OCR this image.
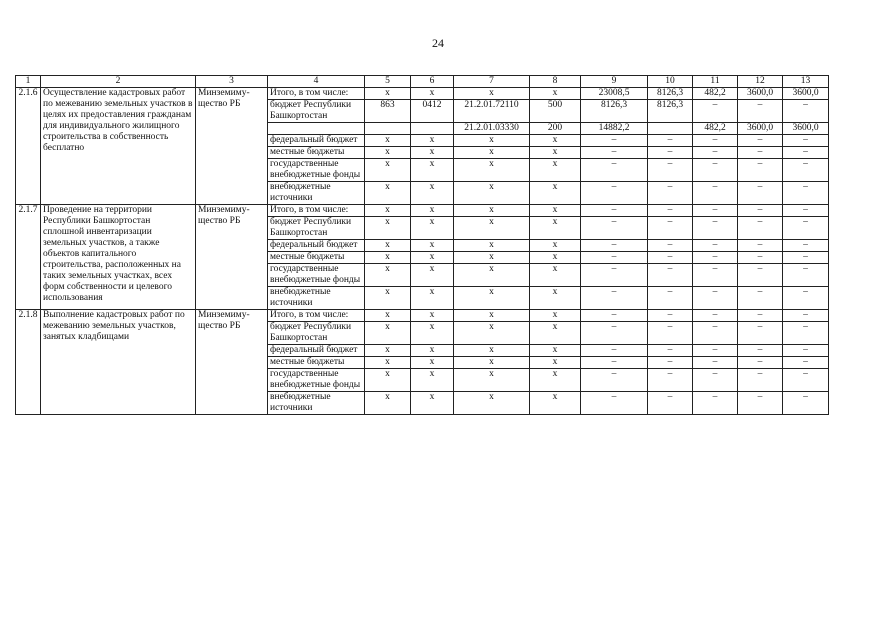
24
1	2	3	4	5	6	7	8	9	10	11	12	13
2.1.6	Осуществление кадастровых работ по межеванию земельных участков в целях их предоставления гражданам для индивидуального жилищного строительства в собственность бесплатно	Минземиму-щество РБ	Итого, в том числе:	x	x	x	x	23008,5	8126,3	482,2	3600,0	3600,0
			бюджет Республики Башкортостан	863	0412	21.2.01.72110	500	8126,3	8126,3	–	–	–
						21.2.01.03330	200	14882,2		482,2	3600,0	3600,0
			федеральный бюджет	x	x	x	x	–	–	–	–	–
			местные бюджеты	x	x	x	x	–	–	–	–	–
			государственные внебюджетные фонды	x	x	x	x	–	–	–	–	–
			внебюджетные источники	x	x	x	x	–	–	–	–	–
2.1.7	Проведение на территории Республики Башкортостан сплошной инвентаризации земельных участков, а также объектов капитального строительства, расположенных на таких земельных участках, всех форм собственности и целевого использования	Минземиму-щество РБ	Итого, в том числе:	x	x	x	x	–	–	–	–	–
			бюджет Республики Башкортостан	x	x	x	x	–	–	–	–	–
			федеральный бюджет	x	x	x	x	–	–	–	–	–
			местные бюджеты	x	x	x	x	–	–	–	–	–
			государственные внебюджетные фонды	x	x	x	x	–	–	–	–	–
			внебюджетные источники	x	x	x	x	–	–	–	–	–
2.1.8	Выполнение кадастровых работ по межеванию земельных участков, занятых кладбищами	Минземиму-щество РБ	Итого, в том числе:	x	x	x	x	–	–	–	–	–
			бюджет Республики Башкортостан	x	x	x	x	–	–	–	–	–
			федеральный бюджет	x	x	x	x	–	–	–	–	–
			местные бюджеты	x	x	x	x	–	–	–	–	–
			государственные внебюджетные фонды	x	x	x	x	–	–	–	–	–
			внебюджетные источники	x	x	x	x	–	–	–	–	–
